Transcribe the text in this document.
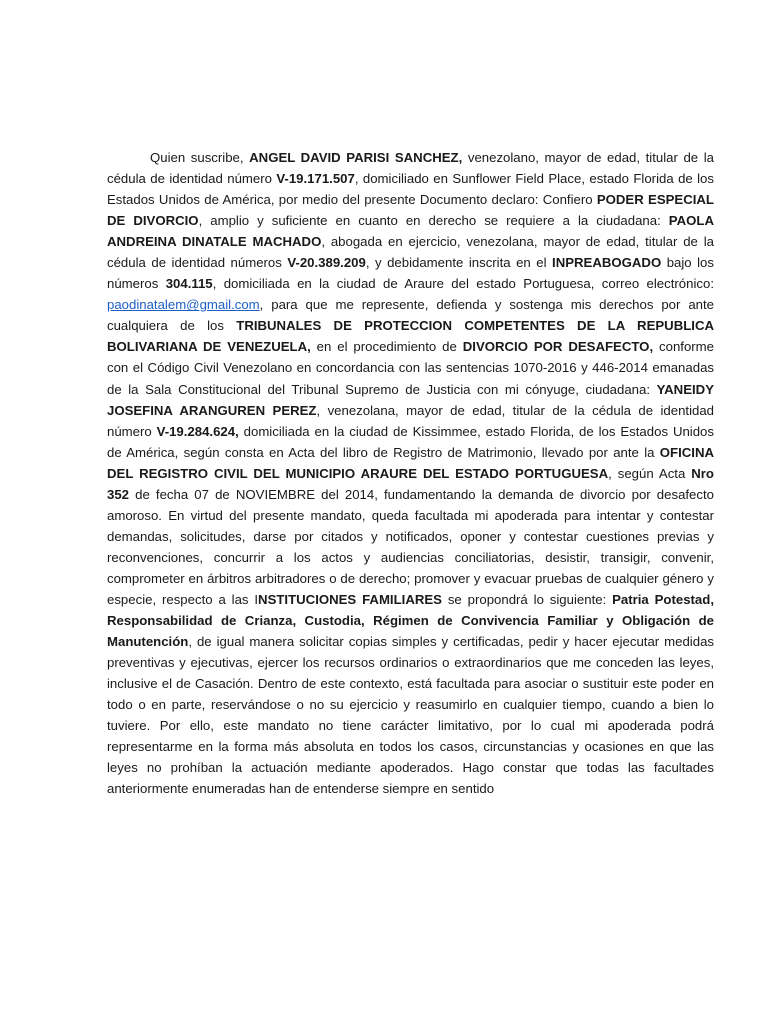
Quien suscribe, ANGEL DAVID PARISI SANCHEZ, venezolano, mayor de edad, titular de la cédula de identidad número V-19.171.507, domiciliado en Sunflower Field Place, estado Florida de los Estados Unidos de América, por medio del presente Documento declaro: Confiero PODER ESPECIAL DE DIVORCIO, amplio y suficiente en cuanto en derecho se requiere a la ciudadana: PAOLA ANDREINA DINATALE MACHADO, abogada en ejercicio, venezolana, mayor de edad, titular de la cédula de identidad números V-20.389.209, y debidamente inscrita en el INPREABOGADO bajo los números 304.115, domiciliada en la ciudad de Araure del estado Portuguesa, correo electrónico: paodinatalem@gmail.com, para que me represente, defienda y sostenga mis derechos por ante cualquiera de los TRIBUNALES DE PROTECCION COMPETENTES DE LA REPUBLICA BOLIVARIANA DE VENEZUELA, en el procedimiento de DIVORCIO POR DESAFECTO, conforme con el Código Civil Venezolano en concordancia con las sentencias 1070-2016 y 446-2014 emanadas de la Sala Constitucional del Tribunal Supremo de Justicia con mi cónyuge, ciudadana: YANEIDY JOSEFINA ARANGUREN PEREZ, venezolana, mayor de edad, titular de la cédula de identidad número V-19.284.624, domiciliada en la ciudad de Kissimmee, estado Florida, de los Estados Unidos de América, según consta en Acta del libro de Registro de Matrimonio, llevado por ante la OFICINA DEL REGISTRO CIVIL DEL MUNICIPIO ARAURE DEL ESTADO PORTUGUESA, según Acta Nro 352 de fecha 07 de NOVIEMBRE del 2014, fundamentando la demanda de divorcio por desafecto amoroso. En virtud del presente mandato, queda facultada mi apoderada para intentar y contestar demandas, solicitudes, darse por citados y notificados, oponer y contestar cuestiones previas y reconvenciones, concurrir a los actos y audiencias conciliatorias, desistir, transigir, convenir, comprometer en árbitros arbitradores o de derecho; promover y evacuar pruebas de cualquier género y especie, respecto a las INSTITUCIONES FAMILIARES se propondrá lo siguiente: Patria Potestad, Responsabilidad de Crianza, Custodia, Régimen de Convivencia Familiar y Obligación de Manutención, de igual manera solicitar copias simples y certificadas, pedir y hacer ejecutar medidas preventivas y ejecutivas, ejercer los recursos ordinarios o extraordinarios que me conceden las leyes, inclusive el de Casación. Dentro de este contexto, está facultada para asociar o sustituir este poder en todo o en parte, reservándose o no su ejercicio y reasumirlo en cualquier tiempo, cuando a bien lo tuviere. Por ello, este mandato no tiene carácter limitativo, por lo cual mi apoderada podrá representarme en la forma más absoluta en todos los casos, circunstancias y ocasiones en que las leyes no prohíban la actuación mediante apoderados. Hago constar que todas las facultades anteriormente enumeradas han de entenderse siempre en sentido
